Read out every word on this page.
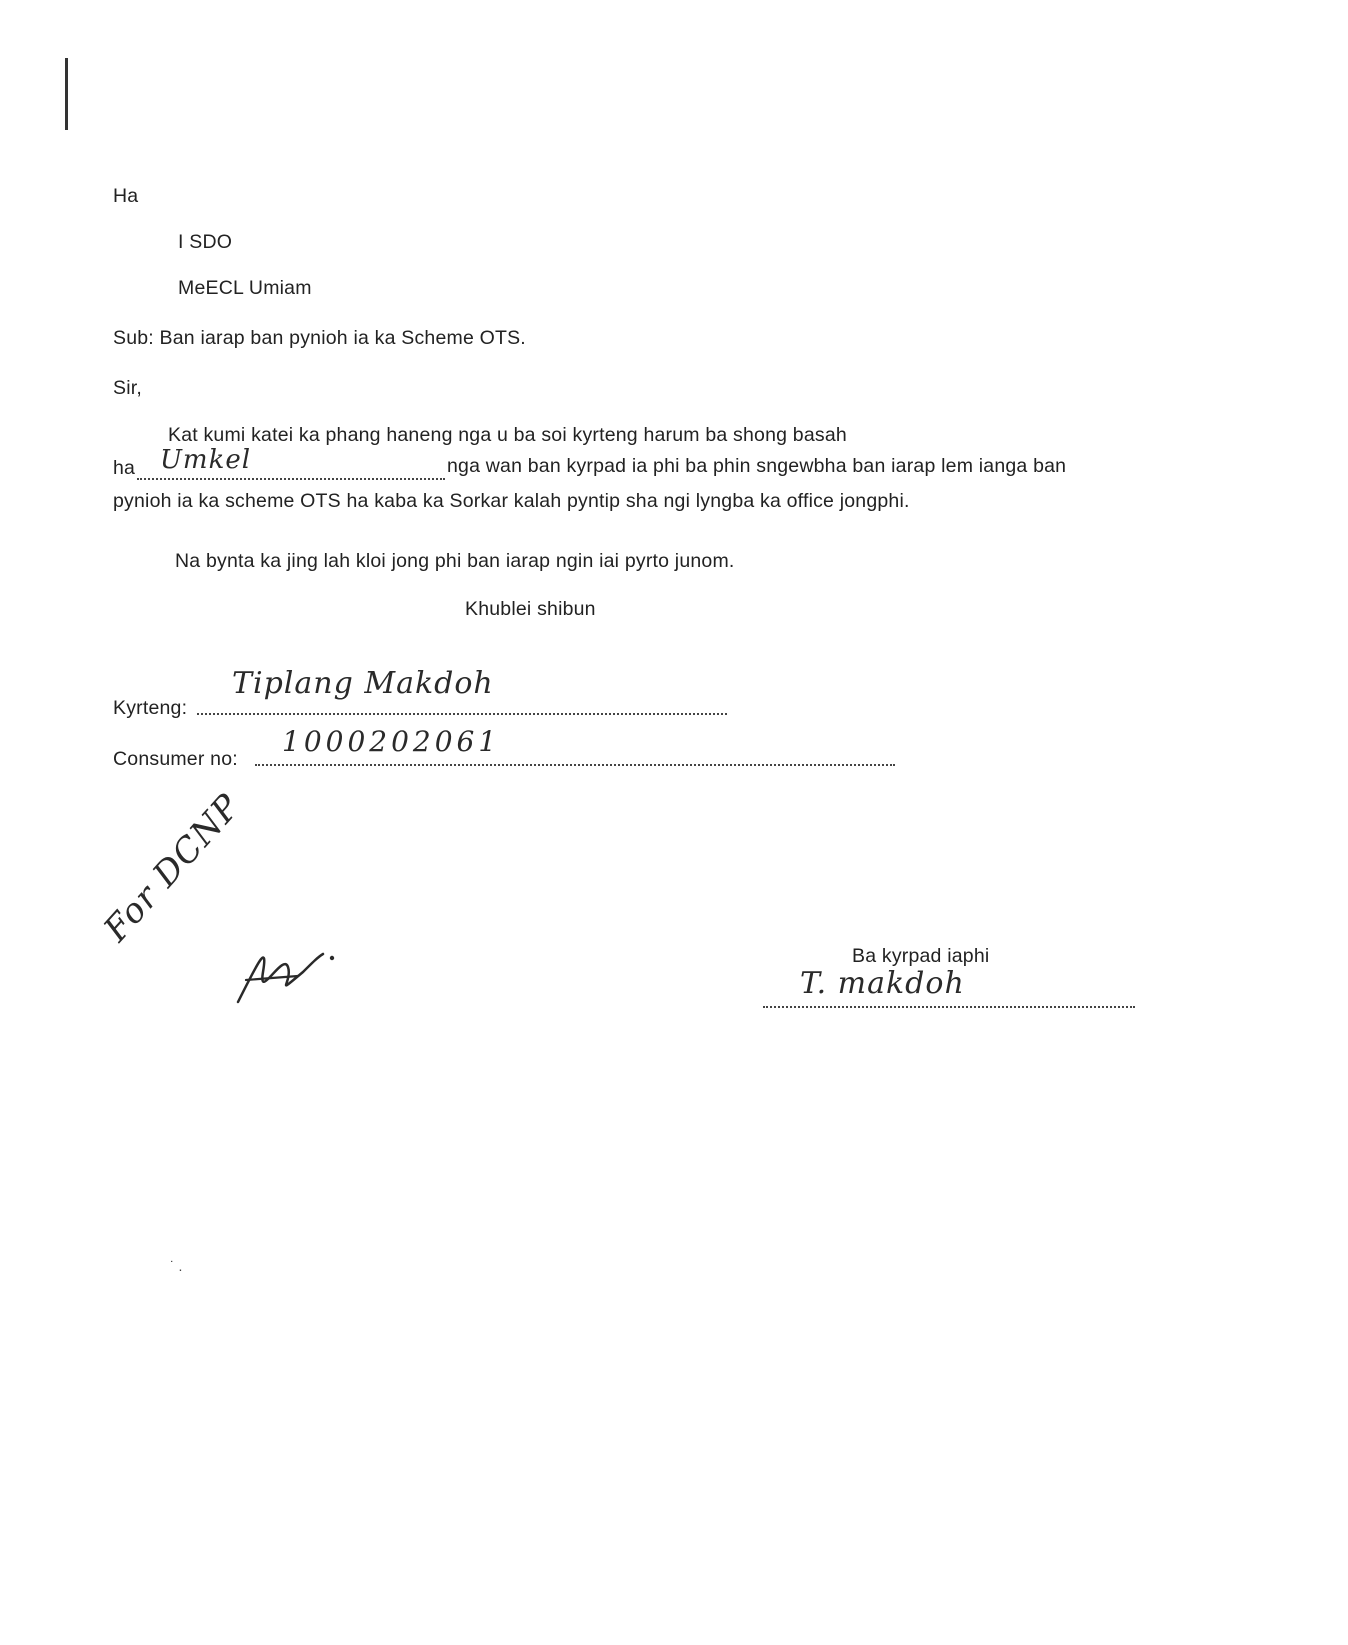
Ha
I SDO
MeECL Umiam
Sub: Ban iarap ban pynioh ia ka Scheme OTS.
Sir,
Kat kumi katei ka phang haneng nga u ba soi kyrteng harum ba shong basah
ha Umkel	nga wan ban kyrpad ia phi ba phin sngewbha ban iarap lem ianga ban
pynioh ia ka scheme OTS ha kaba ka Sorkar kalah pyntip sha ngi lyngba ka office jongphi.
Na bynta ka jing lah kloi jong phi ban iarap ngin iai pyrto junom.
Khublei shibun
Kyrteng:
Tiplang Makdoh
Consumer no:
1000202061
For DCNP
Ba kyrpad iaphi
T. makdoh
˙ .
